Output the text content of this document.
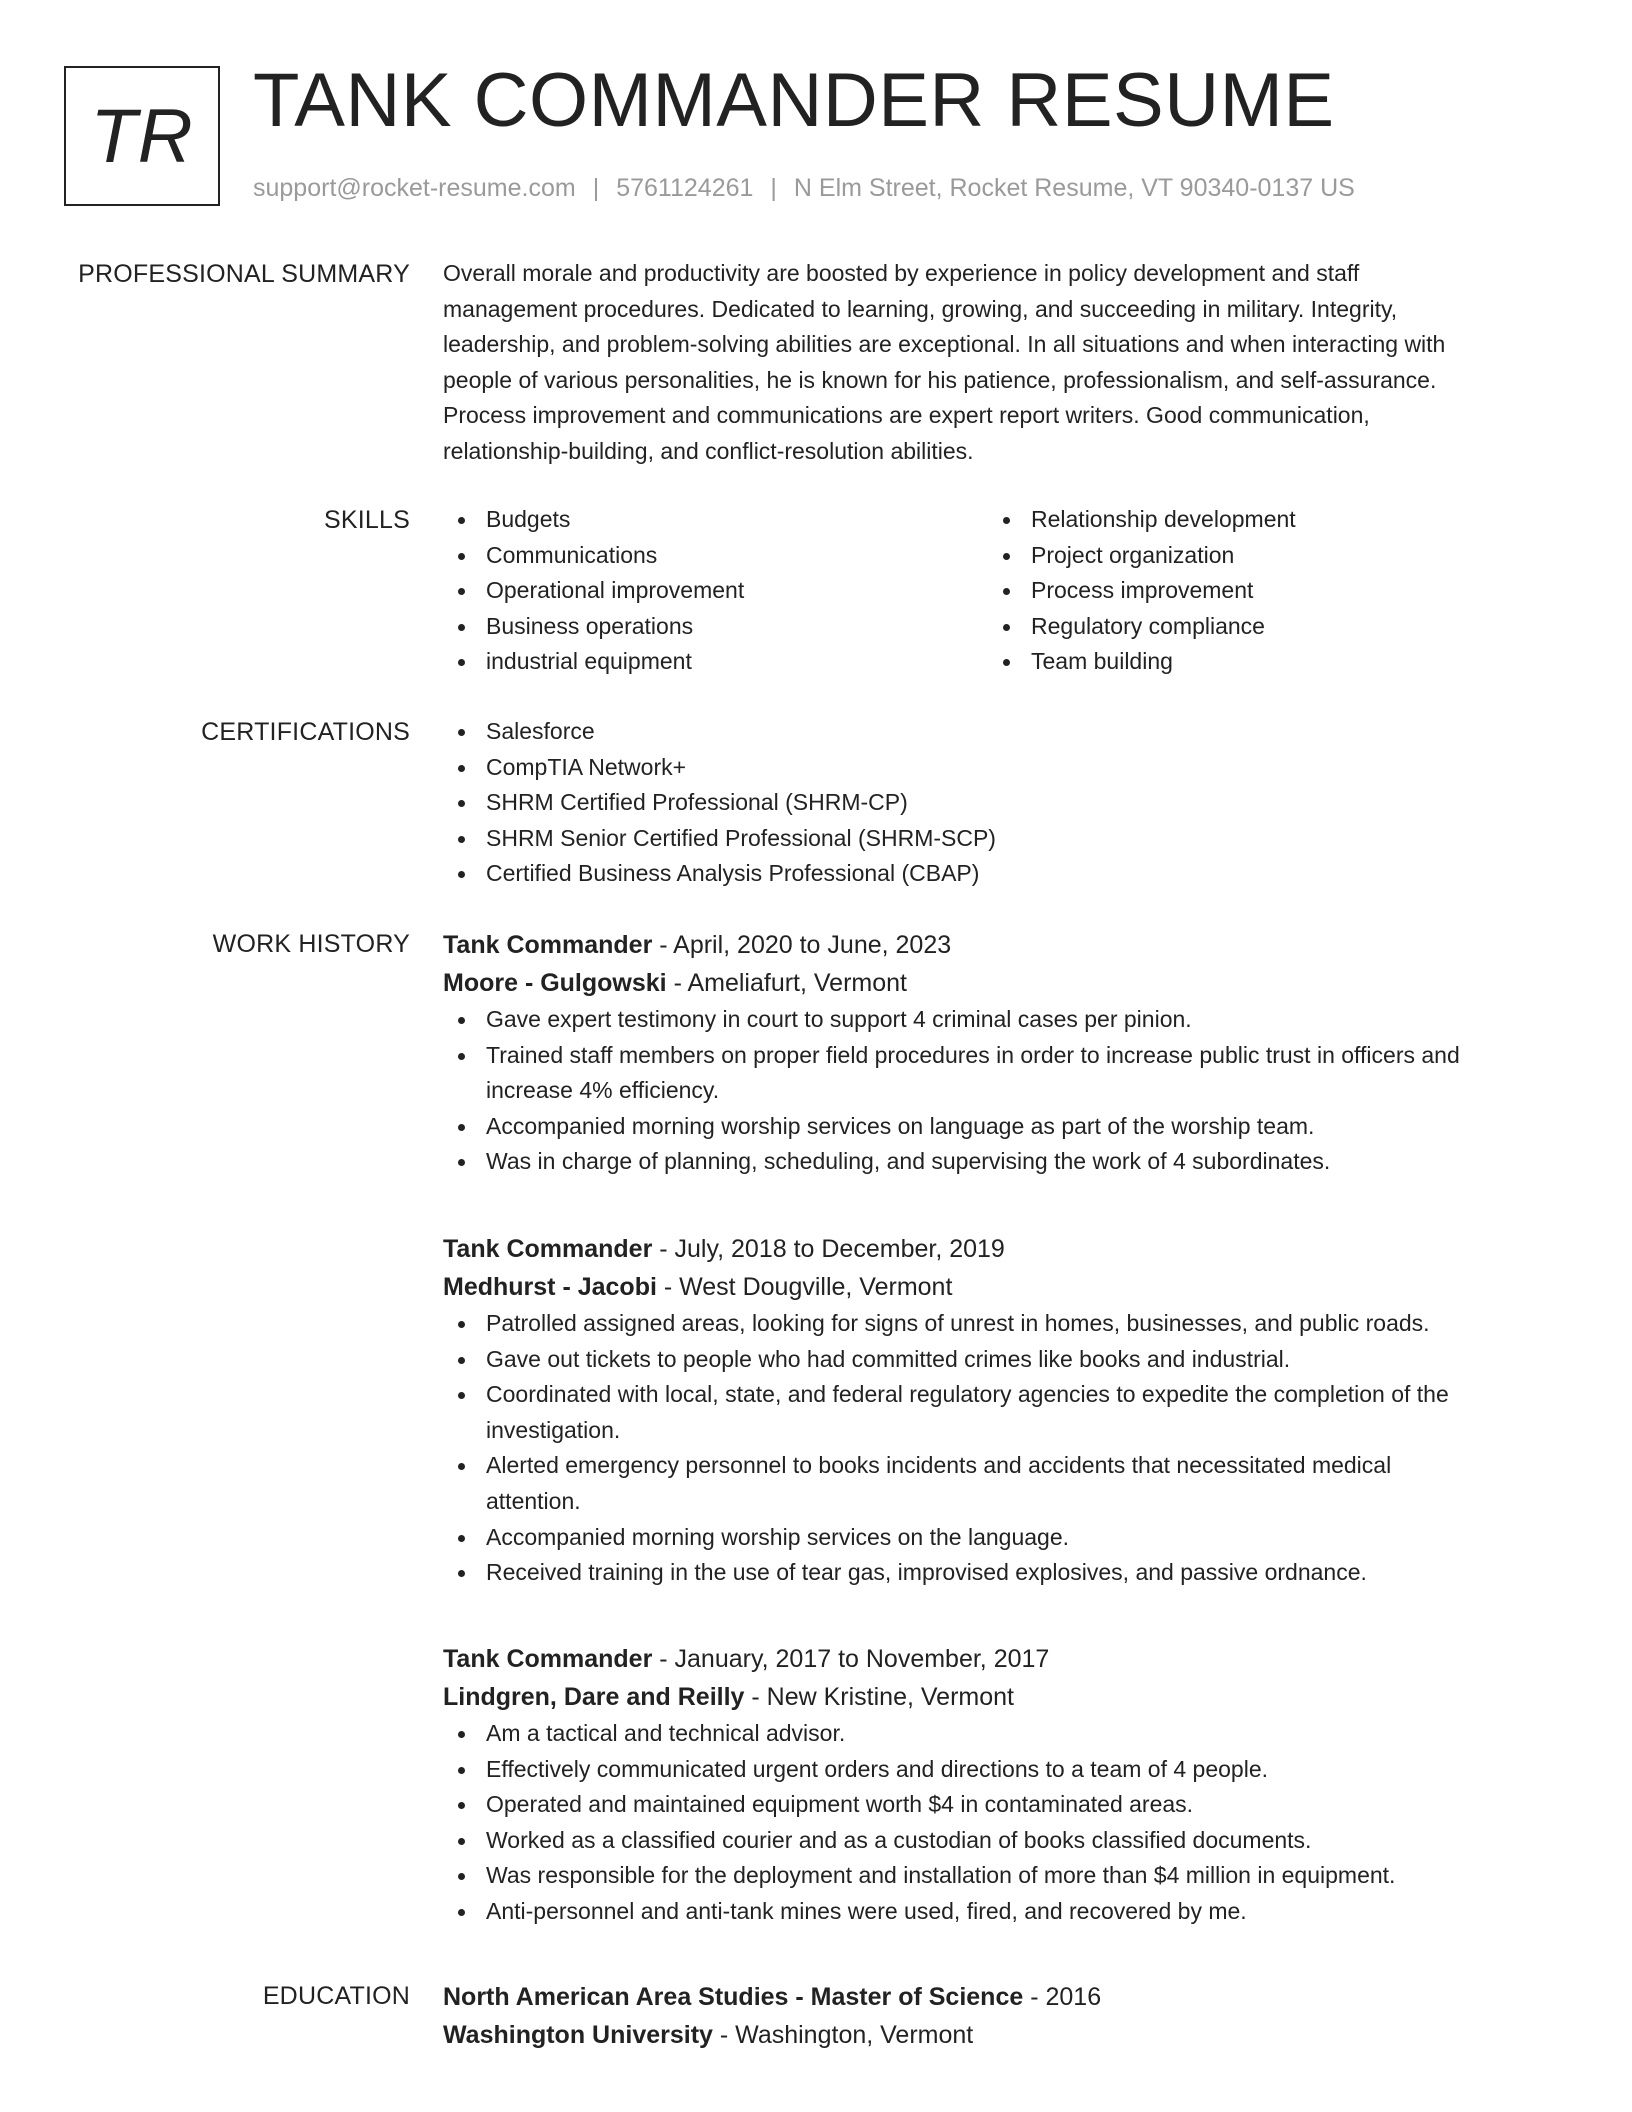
TR TANK COMMANDER RESUME
support@rocket-resume.com | 5761124261 | N Elm Street, Rocket Resume, VT 90340-0137 US
PROFESSIONAL SUMMARY Overall morale and productivity are boosted by experience in policy development and staff

management procedures. Dedicated to learning, growing, and succeeding in military. Integrity,

leadership, and problem-solving abilities are exceptional. In all situations and when interacting with

people of various personalities, he is known for his patience, professionalism, and self-assurance.

Process improvement and communications are expert report writers. Good communication,

relationship-building, and conflict-resolution abilities.

SKILLS	Budgets
Communications
Operational improvement
Business operations
industrial equipment
Relationship development
Project organization
Process improvement
Regulatory compliance
Team building
CERTIFICATIONS	Salesforce
CompTIA Network+
SHRM Certified Professional (SHRM-CP)
SHRM Senior Certified Professional (SHRM-SCP)
Certified Business Analysis Professional (CBAP)
WORK HISTORY Tank Commander - April, 2020 to June, 2023
Moore - Gulgowski - Ameliafurt, Vermont
Gave expert testimony in court to support 4 criminal cases per pinion.
Trained staff members on proper field procedures in order to increase public trust in officers and
increase 4% efficiency.
Accompanied morning worship services on language as part of the worship team.
Was in charge of planning, scheduling, and supervising the work of 4 subordinates.
Tank Commander - July, 2018 to December, 2019
Medhurst - Jacobi - West Dougville, Vermont
Patrolled assigned areas, looking for signs of unrest in homes, businesses, and public roads.
Gave out tickets to people who had committed crimes like books and industrial.
Coordinated with local, state, and federal regulatory agencies to expedite the completion of the
investigation.
Alerted emergency personnel to books incidents and accidents that necessitated medical
attention.
Accompanied morning worship services on the language.
Received training in the use of tear gas, improvised explosives, and passive ordnance.
Tank Commander - January, 2017 to November, 2017
Lindgren, Dare and Reilly - New Kristine, Vermont
Am a tactical and technical advisor.
Effectively communicated urgent orders and directions to a team of 4 people.
Operated and maintained equipment worth $4 in contaminated areas.
Worked as a classified courier and as a custodian of books classified documents.
Was responsible for the deployment and installation of more than $4 million in equipment.
Anti-personnel and anti-tank mines were used, fired, and recovered by me.
EDUCATION North American Area Studies - Master of Science - 2016
Washington University - Washington, Vermont
